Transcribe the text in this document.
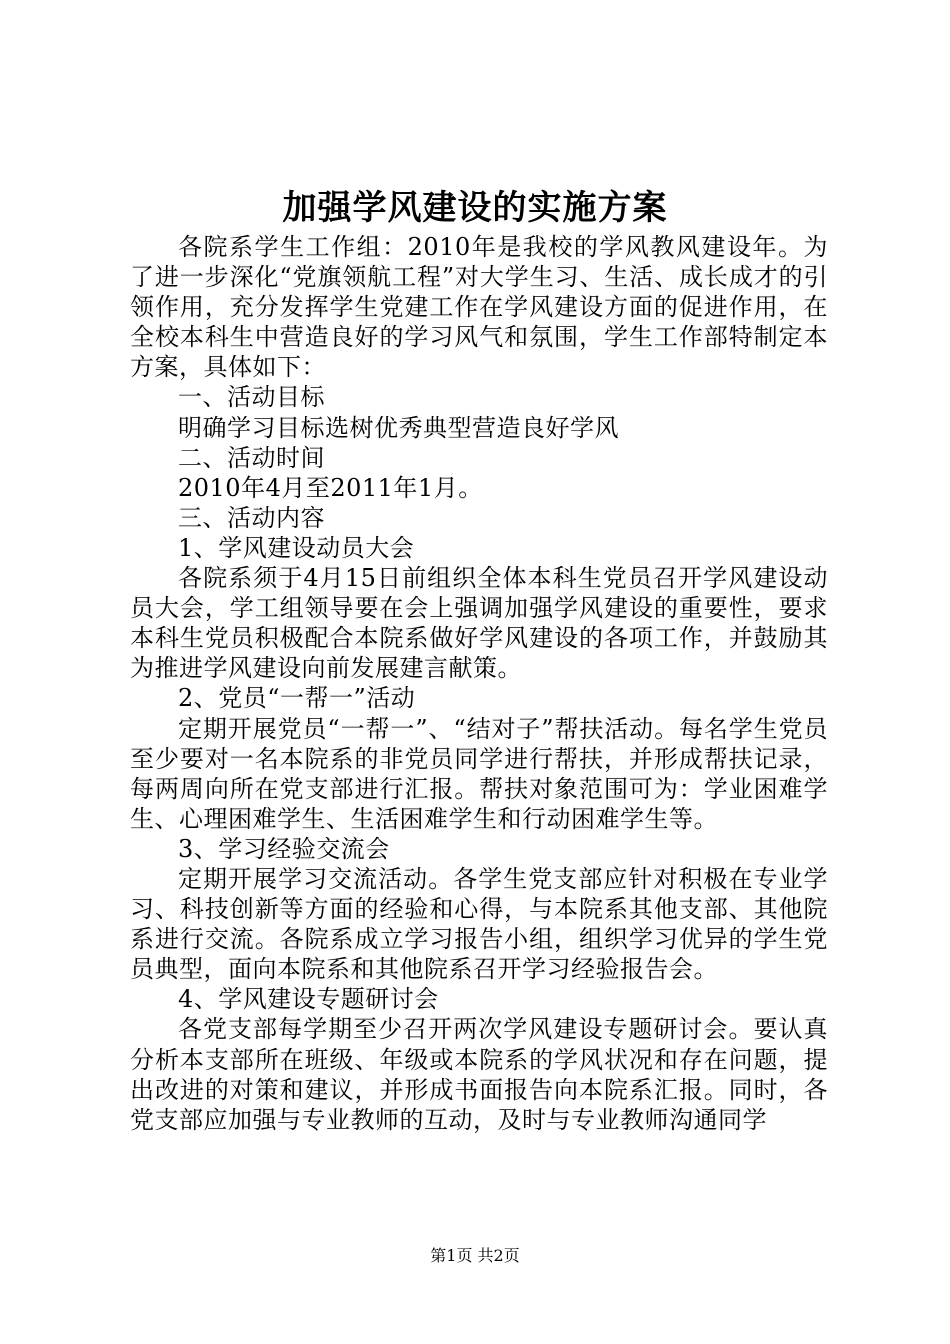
加强学风建设的实施方案

各院系学生工作组：2010年是我校的学风教风建设年。为了进一步深化“党旗领航工程”对大学生习、生活、成长成才的引领作用，充分发挥学生党建工作在学风建设方面的促进作用，在全校本科生中营造良好的学习风气和氛围，学生工作部特制定本方案，具体如下：

一、活动目标

明确学习目标选树优秀典型营造良好学风

二、活动时间

2010年4月至2011年1月。

三、活动内容

1、学风建设动员大会

各院系须于4月15日前组织全体本科生党员召开学风建设动员大会，学工组领导要在会上强调加强学风建设的重要性，要求本科生党员积极配合本院系做好学风建设的各项工作，并鼓励其为推进学风建设向前发展建言献策。

2、党员“一帮一”活动

定期开展党员“一帮一”、“结对子”帮扶活动。每名学生党员至少要对一名本院系的非党员同学进行帮扶，并形成帮扶记录，每两周向所在党支部进行汇报。帮扶对象范围可为：学业困难学生、心理困难学生、生活困难学生和行动困难学生等。

3、学习经验交流会

定期开展学习交流活动。各学生党支部应针对积极在专业学习、科技创新等方面的经验和心得，与本院系其他支部、其他院系进行交流。各院系成立学习报告小组，组织学习优异的学生党员典型，面向本院系和其他院系召开学习经验报告会。

4、学风建设专题研讨会

各党支部每学期至少召开两次学风建设专题研讨会。要认真分析本支部所在班级、年级或本院系的学风状况和存在问题，提出改进的对策和建议，并形成书面报告向本院系汇报。同时，各党支部应加强与专业教师的互动，及时与专业教师沟通同学

第1页 共2页
